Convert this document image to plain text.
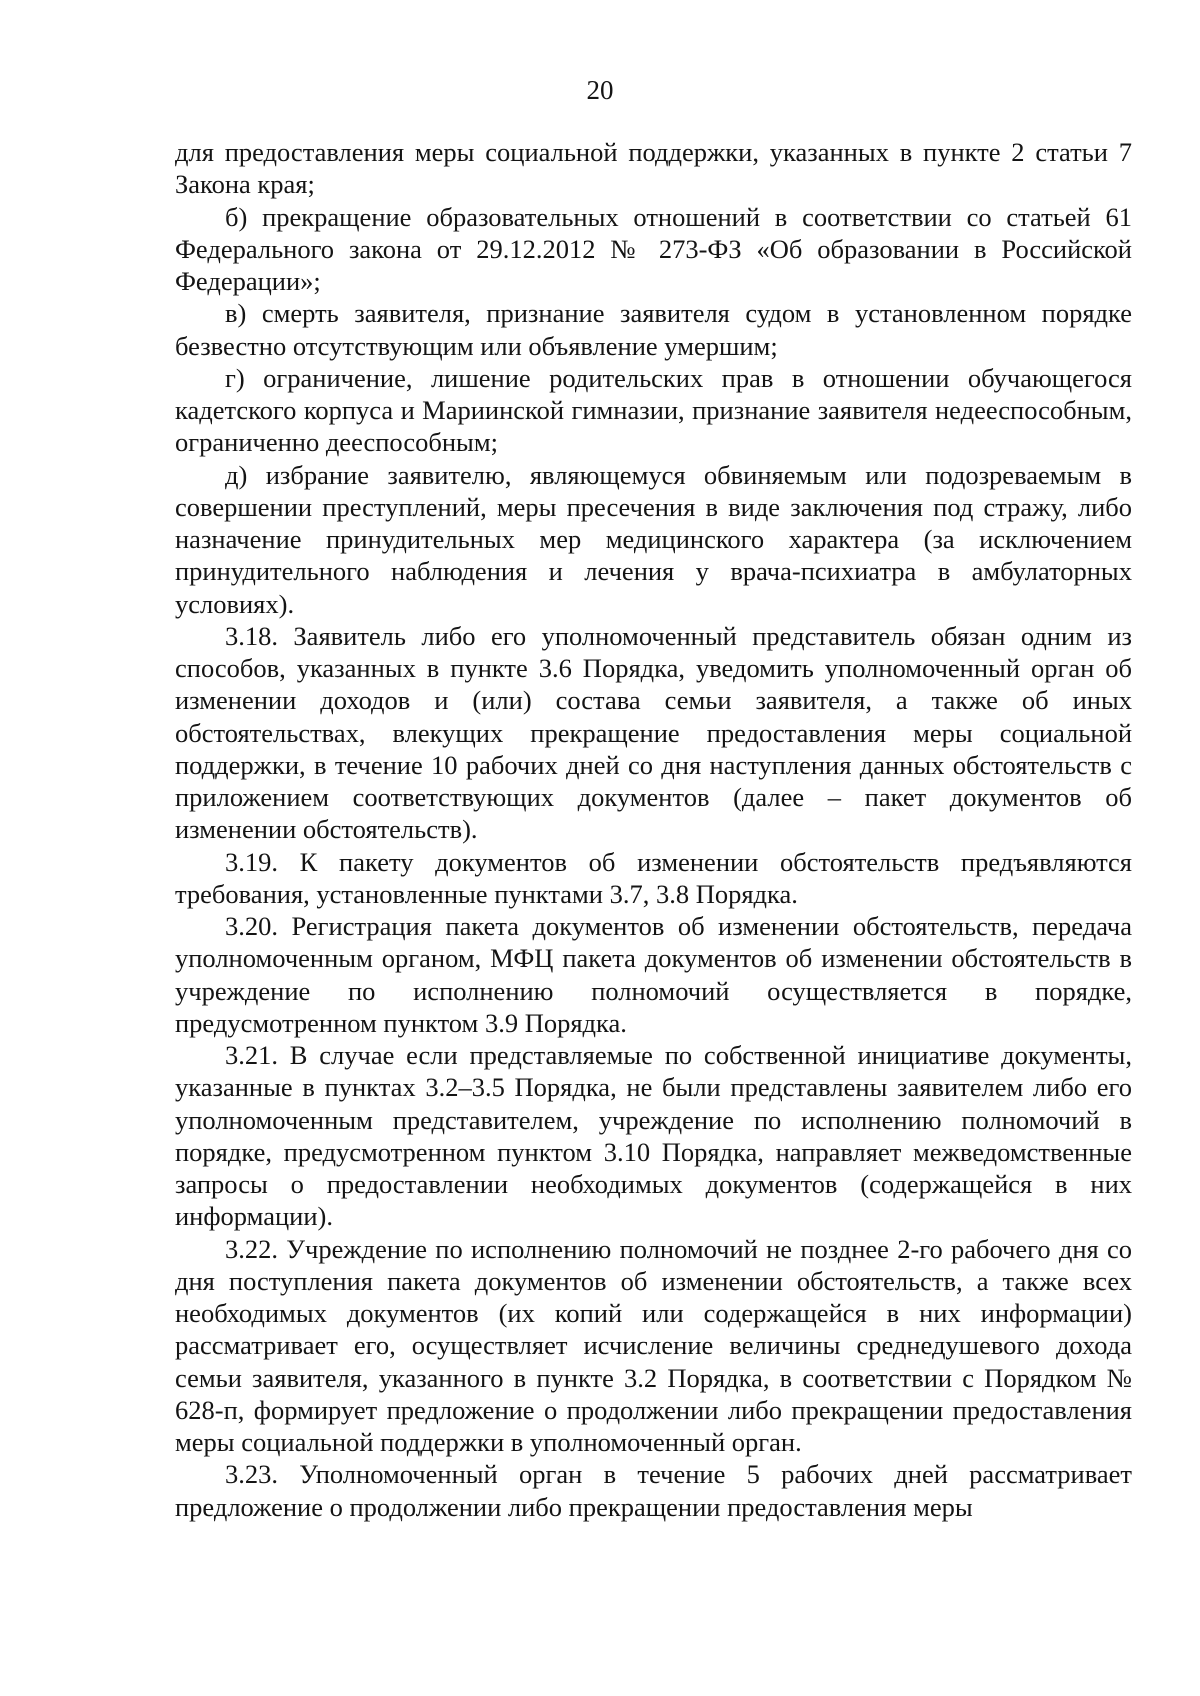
20

для предоставления меры социальной поддержки, указанных в пункте 2 статьи 7 Закона края;

б) прекращение образовательных отношений в соответствии со статьей 61 Федерального закона от 29.12.2012 № 273-ФЗ «Об образовании в Российской Федерации»;

в) смерть заявителя, признание заявителя судом в установленном порядке безвестно отсутствующим или объявление умершим;

г) ограничение, лишение родительских прав в отношении обучающегося кадетского корпуса и Мариинской гимназии, признание заявителя недееспособным, ограниченно дееспособным;

д) избрание заявителю, являющемуся обвиняемым или подозреваемым в совершении преступлений, меры пресечения в виде заключения под стражу, либо назначение принудительных мер медицинского характера (за исключением принудительного наблюдения и лечения у врача-психиатра в амбулаторных условиях).

3.18. Заявитель либо его уполномоченный представитель обязан одним из способов, указанных в пункте 3.6 Порядка, уведомить уполномоченный орган об изменении доходов и (или) состава семьи заявителя, а также об иных обстоятельствах, влекущих прекращение предоставления меры социальной поддержки, в течение 10 рабочих дней со дня наступления данных обстоятельств с приложением соответствующих документов (далее – пакет документов об изменении обстоятельств).

3.19. К пакету документов об изменении обстоятельств предъявляются требования, установленные пунктами 3.7, 3.8 Порядка.

3.20. Регистрация пакета документов об изменении обстоятельств, передача уполномоченным органом, МФЦ пакета документов об изменении обстоятельств в учреждение по исполнению полномочий осуществляется в порядке, предусмотренном пунктом 3.9 Порядка.

3.21. В случае если представляемые по собственной инициативе документы, указанные в пунктах 3.2–3.5 Порядка, не были представлены заявителем либо его уполномоченным представителем, учреждение по исполнению полномочий в порядке, предусмотренном пунктом 3.10 Порядка, направляет межведомственные запросы о предоставлении необходимых документов (содержащейся в них информации).

3.22. Учреждение по исполнению полномочий не позднее 2-го рабочего дня со дня поступления пакета документов об изменении обстоятельств, а также всех необходимых документов (их копий или содержащейся в них информации) рассматривает его, осуществляет исчисление величины среднедушевого дохода семьи заявителя, указанного в пункте 3.2 Порядка, в соответствии с Порядком № 628-п, формирует предложение о продолжении либо прекращении предоставления меры социальной поддержки в уполномоченный орган.

3.23. Уполномоченный орган в течение 5 рабочих дней рассматривает предложение о продолжении либо прекращении предоставления меры
